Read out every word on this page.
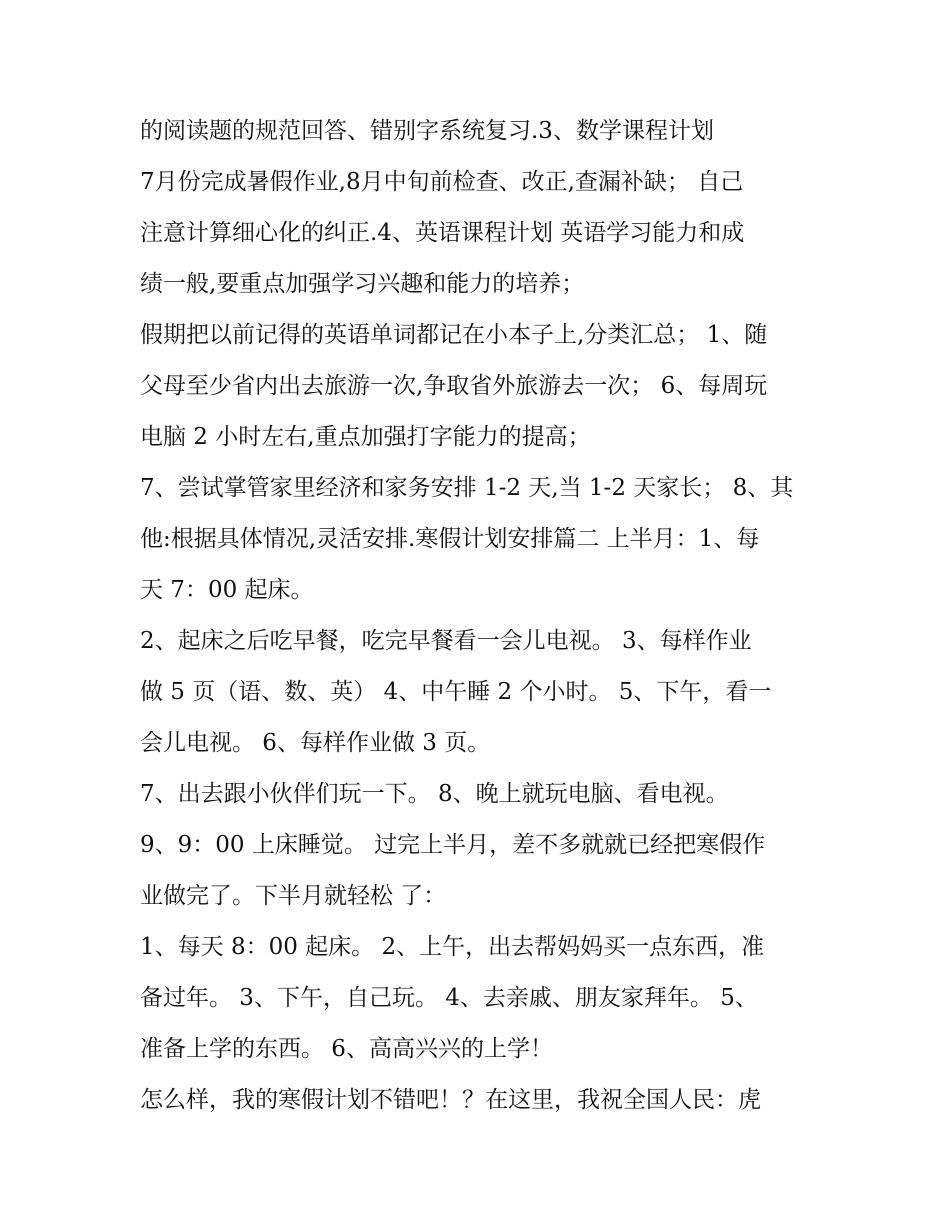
的阅读题的规范回答、错别字系统复习.3、数学课程计划
7月份完成暑假作业,8月中旬前检查、改正,查漏补缺； 自己
注意计算细心化的纠正.4、英语课程计划 英语学习能力和成
绩一般,要重点加强学习兴趣和能力的培养；
假期把以前记得的英语单词都记在小本子上,分类汇总； 1、随
父母至少省内出去旅游一次,争取省外旅游去一次； 6、每周玩
电脑 2 小时左右,重点加强打字能力的提高；
7、尝试掌管家里经济和家务安排 1-2 天,当 1-2 天家长； 8、其
他:根据具体情况,灵活安排.寒假计划安排篇二 上半月：1、每
天 7：00 起床。
2、起床之后吃早餐，吃完早餐看一会儿电视。 3、每样作业
做 5 页（语、数、英） 4、中午睡 2 个小时。 5、下午，看一
会儿电视。 6、每样作业做 3 页。
7、出去跟小伙伴们玩一下。 8、晚上就玩电脑、看电视。
9、9：00 上床睡觉。 过完上半月，差不多就就已经把寒假作
业做完了。下半月就轻松 了：
1、每天 8：00 起床。 2、上午，出去帮妈妈买一点东西，准
备过年。 3、下午，自己玩。 4、去亲戚、朋友家拜年。 5、
准备上学的东西。 6、高高兴兴的上学！
怎么样，我的寒假计划不错吧！？在这里，我祝全国人民：虎
